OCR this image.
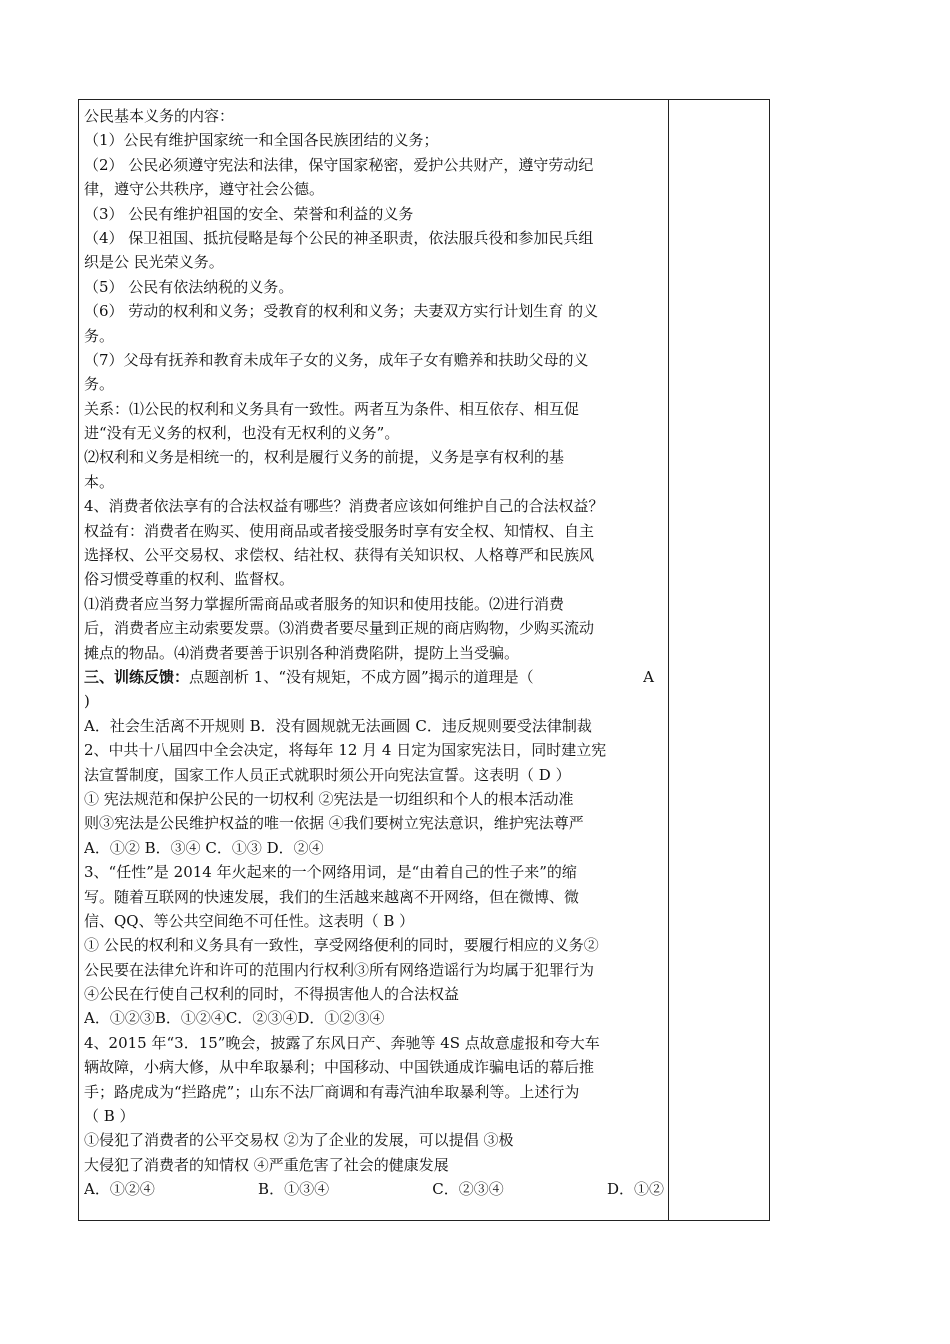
公民基本义务的内容：
（1）公民有维护国家统一和全国各民族团结的义务；
（2） 公民必须遵守宪法和法律，保守国家秘密，爱护公共财产，遵守劳动纪
律，遵守公共秩序，遵守社会公德。
（3） 公民有维护祖国的安全、荣誉和利益的义务
（4） 保卫祖国、抵抗侵略是每个公民的神圣职责，依法服兵役和参加民兵组
织是公 民光荣义务。
（5） 公民有依法纳税的义务。
（6） 劳动的权利和义务；受教育的权利和义务；夫妻双方实行计划生育 的义
务。
（7）父母有抚养和教育未成年子女的义务，成年子女有赡养和扶助父母的义
务。
关系：⑴公民的权利和义务具有一致性。两者互为条件、相互依存、相互促
进“没有无义务的权利，也没有无权利的义务”。
⑵权利和义务是相统一的，权利是履行义务的前提，义务是享有权利的基
本。
4、消费者依法享有的合法权益有哪些？消费者应该如何维护自己的合法权益？
权益有：消费者在购买、使用商品或者接受服务时享有安全权、知情权、自主
选择权、公平交易权、求偿权、结社权、获得有关知识权、人格尊严和民族风
俗习惯受尊重的权利、监督权。
⑴消费者应当努力掌握所需商品或者服务的知识和使用技能。⑵进行消费
后，消费者应主动索要发票。⑶消费者要尽量到正规的商店购物，少购买流动
摊点的物品。⑷消费者要善于识别各种消费陷阱，提防上当受骗。
三、训练反馈：点题剖析 1、“没有规矩，不成方圆”揭示的道理是（	A
)
A．社会生活离不开规则 B．没有圆规就无法画圆 C．违反规则要受法律制裁
2、中共十八届四中全会决定，将每年 12 月 4 日定为国家宪法日，同时建立宪
法宣誓制度，国家工作人员正式就职时须公开向宪法宣誓。这表明（ D ）
① 宪法规范和保护公民的一切权利 ②宪法是一切组织和个人的根本活动准
则③宪法是公民维护权益的唯一依据 ④我们要树立宪法意识，维护宪法尊严
A．①② B．③④ C．①③ D．②④
3、“任性”是 2014 年火起来的一个网络用词，是“由着自己的性子来”的缩
写。随着互联网的快速发展，我们的生活越来越离不开网络，但在微博、微
信、QQ、等公共空间绝不可任性。这表明（ B ）
① 公民的权利和义务具有一致性，享受网络便利的同时，要履行相应的义务②
公民要在法律允许和许可的范围内行权利③所有网络造谣行为均属于犯罪行为
④公民在行使自己权利的同时，不得损害他人的合法权益
A．①②③B．①②④C．②③④D．①②③④
4、2015 年“3．15”晚会，披露了东风日产、奔驰等 4S 点故意虚报和夸大车
辆故障，小病大修，从中牟取暴利；中国移动、中国铁通成诈骗电话的幕后推
手；路虎成为“拦路虎”；山东不法厂商调和有毒汽油牟取暴利等。上述行为
（ B ）
①侵犯了消费者的公平交易权 ②为了企业的发展，可以提倡 ③极
大侵犯了消费者的知情权 ④严重危害了社会的健康发展
A．①②④	B．①③④	C．②③④	D．①②
